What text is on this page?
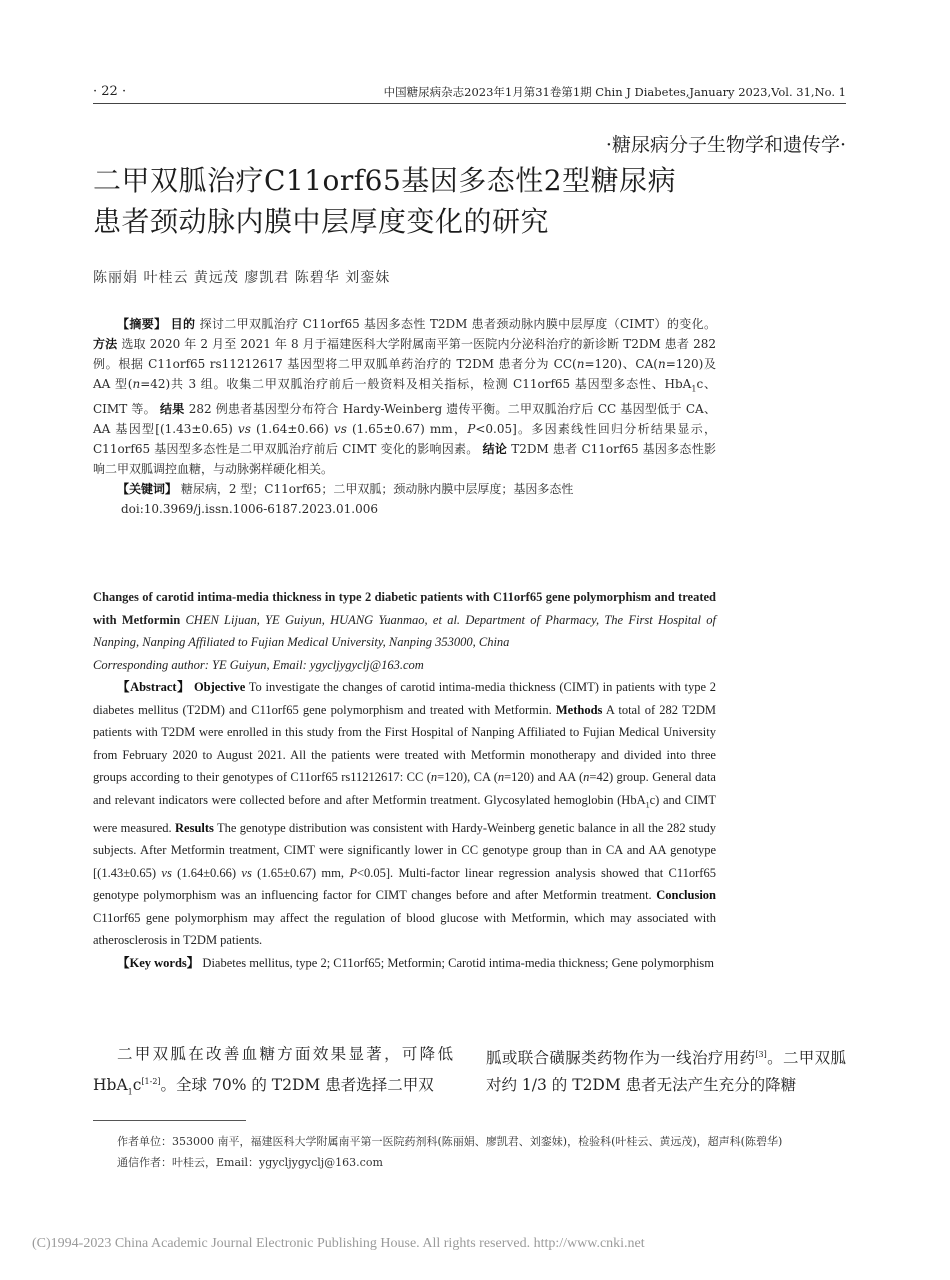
· 22 ·	中国糖尿病杂志2023年1月第31卷第1期 Chin J Diabetes,January 2023,Vol. 31,No. 1
·糖尿病分子生物学和遗传学·
二甲双胍治疗C11orf65基因多态性2型糖尿病
患者颈动脉内膜中层厚度变化的研究
陈丽娟 叶桂云 黄远茂 廖凯君 陈碧华 刘銮妹

【摘要】 目的 探讨二甲双胍治疗 C11orf65 基因多态性 T2DM 患者颈动脉内膜中层厚度（CIMT）的变化。 方法 选取 2020 年 2 月至 2021 年 8 月于福建医科大学附属南平第一医院内分泌科治疗的新诊断 T2DM 患者 282 例。根据 C11orf65 rs11212617 基因型将二甲双胍单药治疗的 T2DM 患者分为 CC(n=120)、CA(n=120)及 AA 型(n=42)共 3 组。收集二甲双胍治疗前后一般资料及相关指标，检测 C11orf65 基因型多态性、HbA$_1$c、CIMT 等。 结果 282 例患者基因型分布符合 Hardy-Weinberg 遗传平衡。二甲双胍治疗后 CC 基因型低于 CA、AA 基因型[(1.43±0.65) vs (1.64±0.66) vs (1.65±0.67) mm，P<0.05]。多因素线性回归分析结果显示，C11orf65 基因型多态性是二甲双胍治疗前后 CIMT 变化的影响因素。 结论 T2DM 患者 C11orf65 基因多态性影响二甲双胍调控血糖，与动脉粥样硬化相关。

【关键词】 糖尿病，2 型；C11orf65；二甲双胍；颈动脉内膜中层厚度；基因多态性

doi:10.3969/j.issn.1006-6187.2023.01.006

Changes of carotid intima-media thickness in type 2 diabetic patients with C11orf65 gene polymorphism and treated with Metformin CHEN Lijuan, YE Guiyun, HUANG Yuanmao, et al. Department of Pharmacy, The First Hospital of Nanping, Nanping Affiliated to Fujian Medical University, Nanping 353000, China

Corresponding author: YE Guiyun, Email: ygycljygyclj@163.com

【Abstract】 Objective To investigate the changes of carotid intima-media thickness (CIMT) in patients with type 2 diabetes mellitus (T2DM) and C11orf65 gene polymorphism and treated with Metformin. Methods A total of 282 T2DM patients with T2DM were enrolled in this study from the First Hospital of Nanping Affiliated to Fujian Medical University from February 2020 to August 2021. All the patients were treated with Metformin monotherapy and divided into three groups according to their genotypes of C11orf65 rs11212617: CC (n=120), CA (n=120) and AA (n=42) group. General data and relevant indicators were collected before and after Metformin treatment. Glycosylated hemoglobin (HbA$_1$c) and CIMT were measured. Results The genotype distribution was consistent with Hardy-Weinberg genetic balance in all the 282 study subjects. After Metformin treatment, CIMT were significantly lower in CC genotype group than in CA and AA genotype [(1.43±0.65) vs (1.64±0.66) vs (1.65±0.67) mm, P<0.05]. Multi-factor linear regression analysis showed that C11orf65 genotype polymorphism was an influencing factor for CIMT changes before and after Metformin treatment. Conclusion C11orf65 gene polymorphism may affect the regulation of blood glucose with Metformin, which may associated with atherosclerosis in T2DM patients.

【Key words】 Diabetes mellitus, type 2; C11orf65; Metformin; Carotid intima-media thickness; Gene polymorphism

二甲双胍在改善血糖方面效果显著，可降低 HbA$_1$c[1-2]。全球 70% 的 T2DM 患者选择二甲双

胍或联合磺脲类药物作为一线治疗用药[3]。二甲双胍对约 1/3 的 T2DM 患者无法产生充分的降糖

作者单位：353000 南平，福建医科大学附属南平第一医院药剂科(陈丽娟、廖凯君、刘銮妹)，检验科(叶桂云、黄远茂)，超声科(陈碧华)

通信作者：叶桂云，Email：ygycljygyclj@163.com

(C)1994-2023 China Academic Journal Electronic Publishing House. All rights reserved. http://www.cnki.net
